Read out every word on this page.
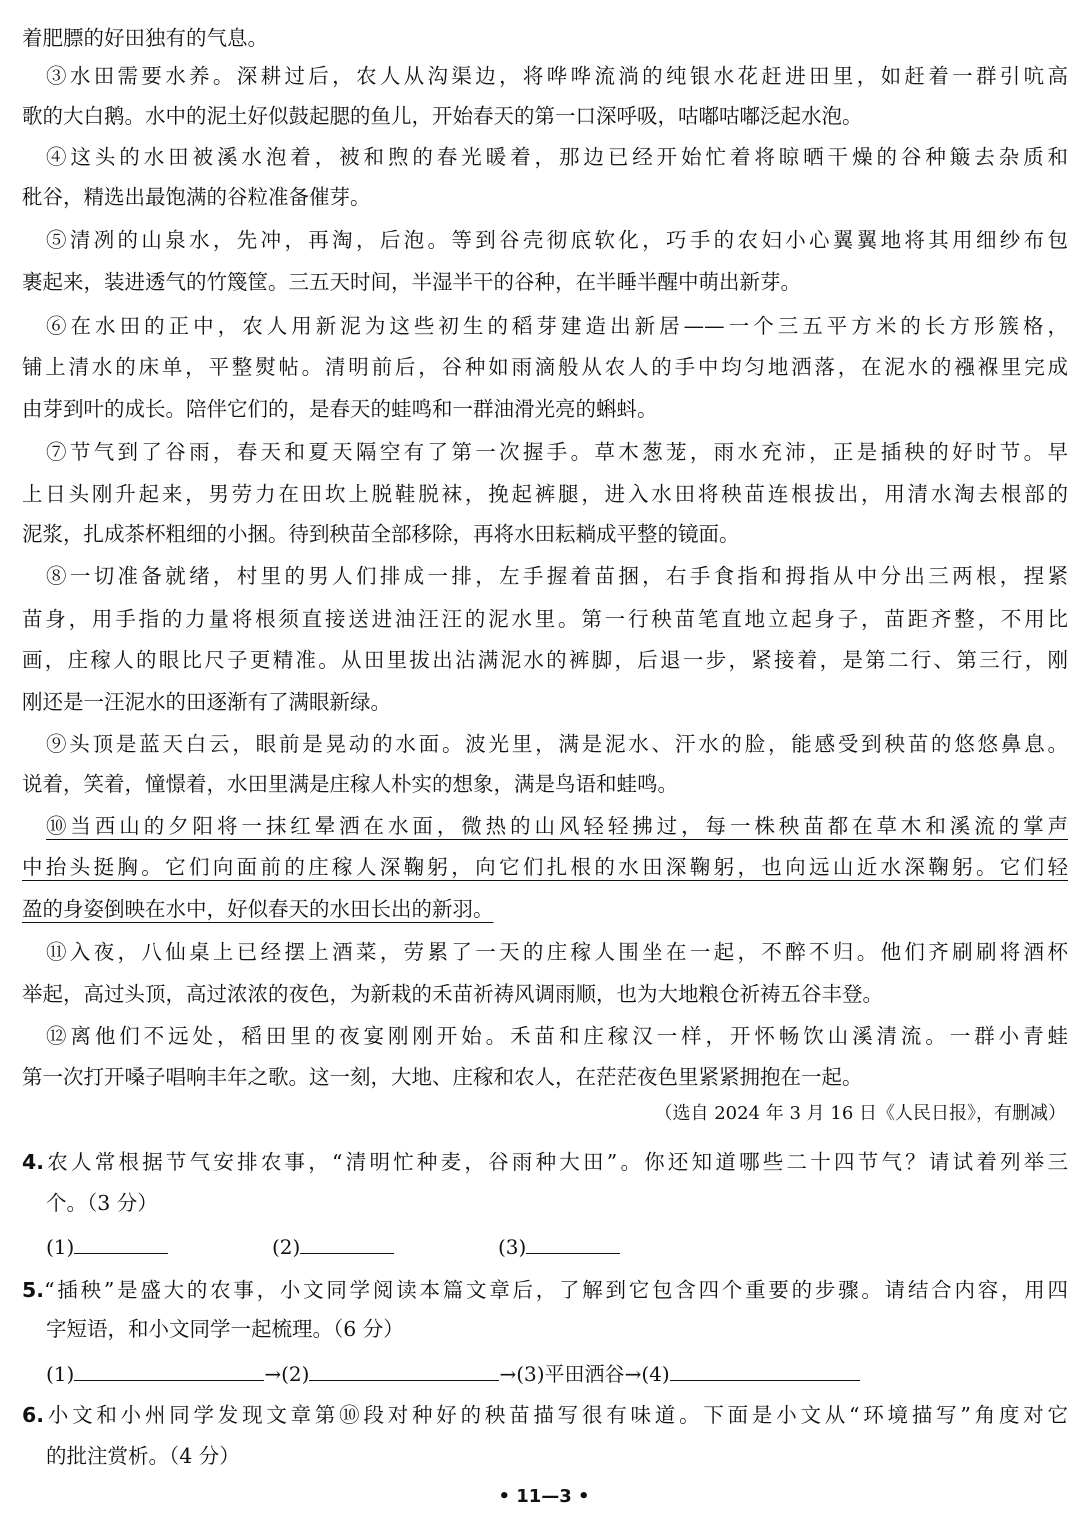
着肥膘的好田独有的气息。
③水田需要水养。深耕过后，农人从沟渠边，将哗哗流淌的纯银水花赶进田里，如赶着一群引吭高
歌的大白鹅。水中的泥土好似鼓起腮的鱼儿，开始春天的第一口深呼吸，咕嘟咕嘟泛起水泡。
④这头的水田被溪水泡着，被和煦的春光暖着，那边已经开始忙着将晾晒干燥的谷种簸去杂质和
秕谷，精选出最饱满的谷粒准备催芽。
⑤清冽的山泉水，先冲，再淘，后泡。等到谷壳彻底软化，巧手的农妇小心翼翼地将其用细纱布包
裹起来，装进透气的竹篾筐。三五天时间，半湿半干的谷种，在半睡半醒中萌出新芽。
⑥在水田的正中，农人用新泥为这些初生的稻芽建造出新居——一个三五平方米的长方形簇格，
铺上清水的床单，平整熨帖。清明前后，谷种如雨滴般从农人的手中均匀地洒落，在泥水的襁褓里完成
由芽到叶的成长。陪伴它们的，是春天的蛙鸣和一群油滑光亮的蝌蚪。
⑦节气到了谷雨，春天和夏天隔空有了第一次握手。草木葱茏，雨水充沛，正是插秧的好时节。早
上日头刚升起来，男劳力在田坎上脱鞋脱袜，挽起裤腿，进入水田将秧苗连根拔出，用清水淘去根部的
泥浆，扎成茶杯粗细的小捆。待到秧苗全部移除，再将水田耘耥成平整的镜面。
⑧一切准备就绪，村里的男人们排成一排，左手握着苗捆，右手食指和拇指从中分出三两根，捏紧
苗身，用手指的力量将根须直接送进油汪汪的泥水里。第一行秧苗笔直地立起身子，苗距齐整，不用比
画，庄稼人的眼比尺子更精准。从田里拔出沾满泥水的裤脚，后退一步，紧接着，是第二行、第三行，刚
刚还是一汪泥水的田逐渐有了满眼新绿。
⑨头顶是蓝天白云，眼前是晃动的水面。波光里，满是泥水、汗水的脸，能感受到秧苗的悠悠鼻息。
说着，笑着，憧憬着，水田里满是庄稼人朴实的想象，满是鸟语和蛙鸣。
⑩当西山的夕阳将一抹红晕洒在水面，微热的山风轻轻拂过，每一株秧苗都在草木和溪流的掌声
中抬头挺胸。它们向面前的庄稼人深鞠躬，向它们扎根的水田深鞠躬，也向远山近水深鞠躬。它们轻
盈的身姿倒映在水中，好似春天的水田长出的新羽。
⑪入夜，八仙桌上已经摆上酒菜，劳累了一天的庄稼人围坐在一起，不醉不归。他们齐刷刷将酒杯
举起，高过头顶，高过浓浓的夜色，为新栽的禾苗祈祷风调雨顺，也为大地粮仓祈祷五谷丰登。
⑫离他们不远处，稻田里的夜宴刚刚开始。禾苗和庄稼汉一样，开怀畅饮山溪清流。一群小青蛙
第一次打开嗓子唱响丰年之歌。这一刻，大地、庄稼和农人，在茫茫夜色里紧紧拥抱在一起。
（选自 2024 年 3 月 16 日《人民日报》，有删减）
4.农人常根据节气安排农事，“清明忙种麦，谷雨种大田”。你还知道哪些二十四节气？请试着列举三
个。（3 分）
(1)	(2)	(3)
5.“插秧”是盛大的农事，小文同学阅读本篇文章后，了解到它包含四个重要的步骤。请结合内容，用四
字短语，和小文同学一起梳理。（6 分）
(1)	→(2)	→(3)平田洒谷→(4)
6.小文和小州同学发现文章第⑩段对种好的秧苗描写很有味道。下面是小文从“环境描写”角度对它
的批注赏析。（4 分）
• 11—3 •
